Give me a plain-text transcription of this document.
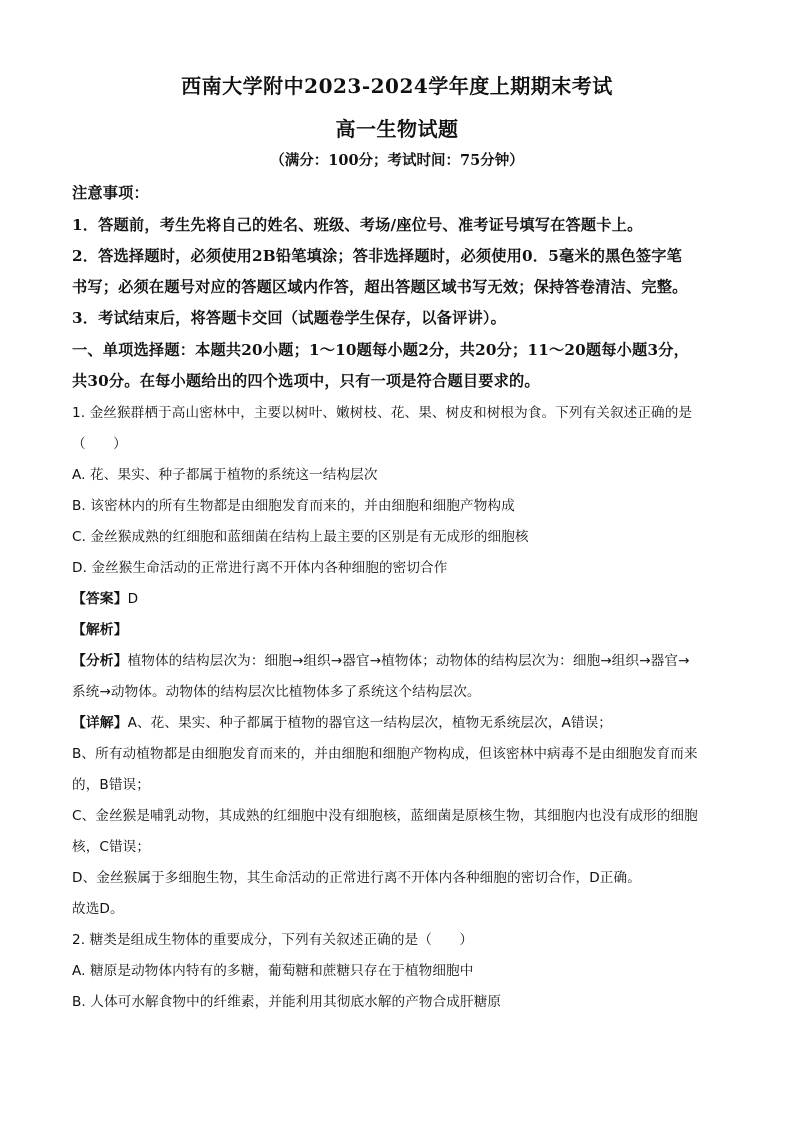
西南大学附中2023-2024学年度上期期末考试
高一生物试题
（满分：100分；考试时间：75分钟）
注意事项：
1．答题前，考生先将自己的姓名、班级、考场/座位号、准考证号填写在答题卡上。
2．答选择题时，必须使用2B铅笔填涂；答非选择题时，必须使用0．5毫米的黑色签字笔
书写；必须在题号对应的答题区域内作答，超出答题区域书写无效；保持答卷清洁、完整。
3．考试结束后，将答题卡交回（试题卷学生保存，以备评讲）。
一、单项选择题：本题共20小题；1～10题每小题2分，共20分；11～20题每小题3分，
共30分。在每小题给出的四个选项中，只有一项是符合题目要求的。
1. 金丝猴群栖于高山密林中，主要以树叶、嫩树枝、花、果、树皮和树根为食。下列有关叙述正确的是
（　　）
A. 花、果实、种子都属于植物的系统这一结构层次
B. 该密林内的所有生物都是由细胞发育而来的，并由细胞和细胞产物构成
C. 金丝猴成熟的红细胞和蓝细菌在结构上最主要的区别是有无成形的细胞核
D. 金丝猴生命活动的正常进行离不开体内各种细胞的密切合作
【答案】D
【解析】
【分析】植物体的结构层次为：细胞→组织→器官→植物体；动物体的结构层次为：细胞→组织→器官→
系统→动物体。动物体的结构层次比植物体多了系统这个结构层次。
【详解】A、花、果实、种子都属于植物的器官这一结构层次，植物无系统层次，A错误；
B、所有动植物都是由细胞发育而来的，并由细胞和细胞产物构成，但该密林中病毒不是由细胞发育而来
的，B错误；
C、金丝猴是哺乳动物，其成熟的红细胞中没有细胞核，蓝细菌是原核生物，其细胞内也没有成形的细胞
核，C错误；
D、金丝猴属于多细胞生物，其生命活动的正常进行离不开体内各种细胞的密切合作，D正确。
故选D。
2. 糖类是组成生物体的重要成分，下列有关叙述正确的是（　　）
A. 糖原是动物体内特有的多糖，葡萄糖和蔗糖只存在于植物细胞中
B. 人体可水解食物中的纤维素，并能利用其彻底水解的产物合成肝糖原
